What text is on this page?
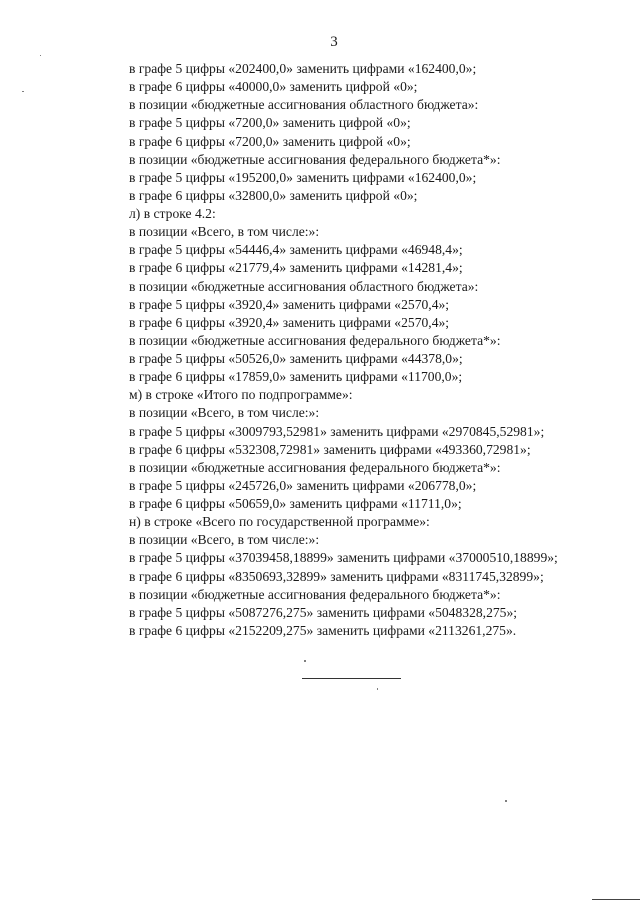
3
в графе 5 цифры «202400,0» заменить цифрами «162400,0»;
в графе 6 цифры «40000,0» заменить цифрой «0»;
в позиции «бюджетные ассигнования областного бюджета»:
в графе 5 цифры «7200,0» заменить цифрой «0»;
в графе 6 цифры «7200,0» заменить цифрой «0»;
в позиции «бюджетные ассигнования федерального бюджета*»:
в графе 5 цифры «195200,0» заменить цифрами «162400,0»;
в графе 6 цифры «32800,0» заменить цифрой «0»;
л) в строке 4.2:
в позиции «Всего, в том числе:»:
в графе 5 цифры «54446,4» заменить цифрами «46948,4»;
в графе 6 цифры «21779,4» заменить цифрами «14281,4»;
в позиции «бюджетные ассигнования областного бюджета»:
в графе 5 цифры «3920,4» заменить цифрами «2570,4»;
в графе 6 цифры «3920,4» заменить цифрами «2570,4»;
в позиции «бюджетные ассигнования федерального бюджета*»:
в графе 5 цифры «50526,0» заменить цифрами «44378,0»;
в графе 6 цифры «17859,0» заменить цифрами «11700,0»;
м) в строке «Итого по подпрограмме»:
в позиции «Всего, в том числе:»:
в графе 5 цифры «3009793,52981» заменить цифрами «2970845,52981»;
в графе 6 цифры «532308,72981» заменить цифрами «493360,72981»;
в позиции «бюджетные ассигнования федерального бюджета*»:
в графе 5 цифры «245726,0» заменить цифрами «206778,0»;
в графе 6 цифры «50659,0» заменить цифрами «11711,0»;
н) в строке «Всего по государственной программе»:
в позиции «Всего, в том числе:»:
в графе 5 цифры «37039458,18899» заменить цифрами «37000510,18899»;
в графе 6 цифры «8350693,32899» заменить цифрами «8311745,32899»;
в позиции «бюджетные ассигнования федерального бюджета*»:
в графе 5 цифры «5087276,275» заменить цифрами «5048328,275»;
в графе 6 цифры «2152209,275» заменить цифрами «2113261,275».
